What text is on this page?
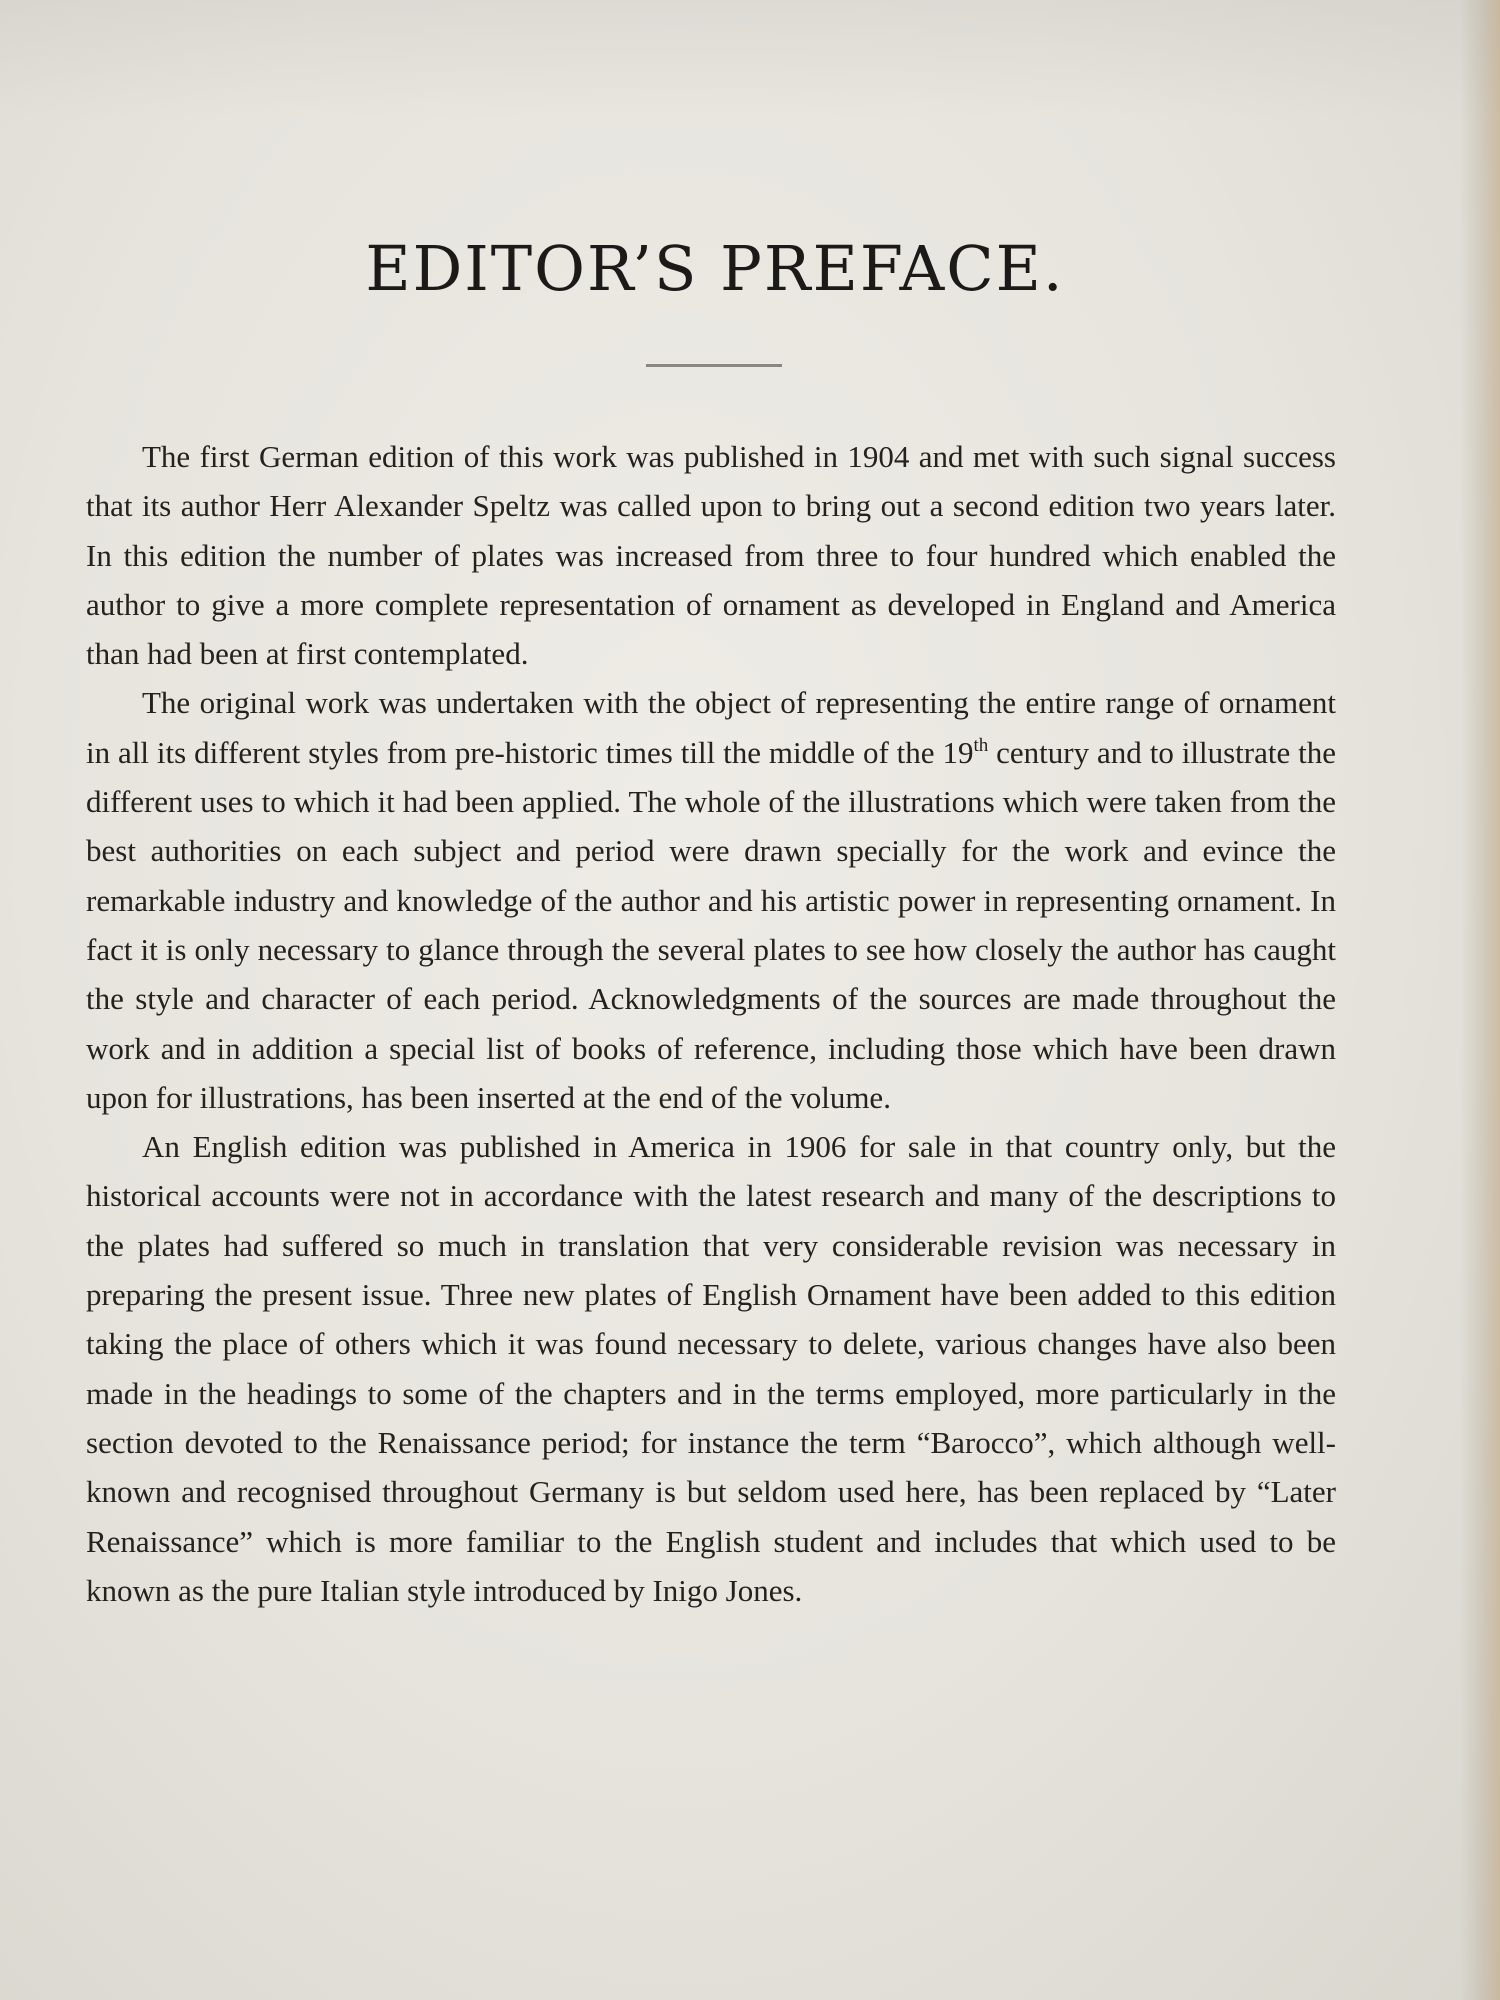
EDITOR’S PREFACE.

The first German edition of this work was published in 1904 and met with such signal success that its author Herr Alexander Speltz was called upon to bring out a second edition two years later. In this edition the number of plates was increased from three to four hundred which enabled the author to give a more complete representation of ornament as developed in England and America than had been at first contemplated.

The original work was undertaken with the object of representing the entire range of ornament in all its different styles from pre-historic times till the middle of the 19th century and to illustrate the different uses to which it had been applied. The whole of the illustrations which were taken from the best authorities on each subject and period were drawn specially for the work and evince the remarkable industry and knowledge of the author and his artistic power in representing ornament. In fact it is only necessary to glance through the several plates to see how closely the author has caught the style and character of each period. Acknowledgments of the sources are made throughout the work and in addition a special list of books of reference, including those which have been drawn upon for illustrations, has been inserted at the end of the volume.

An English edition was published in America in 1906 for sale in that country only, but the historical accounts were not in accordance with the latest research and many of the descriptions to the plates had suffered so much in translation that very considerable revision was necessary in preparing the present issue. Three new plates of English Ornament have been added to this edition taking the place of others which it was found necessary to delete, various changes have also been made in the headings to some of the chapters and in the terms employed, more particularly in the section devoted to the Renaissance period; for instance the term “Barocco”, which although well-known and recognised throughout Germany is but seldom used here, has been replaced by “Later Renaissance” which is more familiar to the English student and includes that which used to be known as the pure Italian style introduced by Inigo Jones.
